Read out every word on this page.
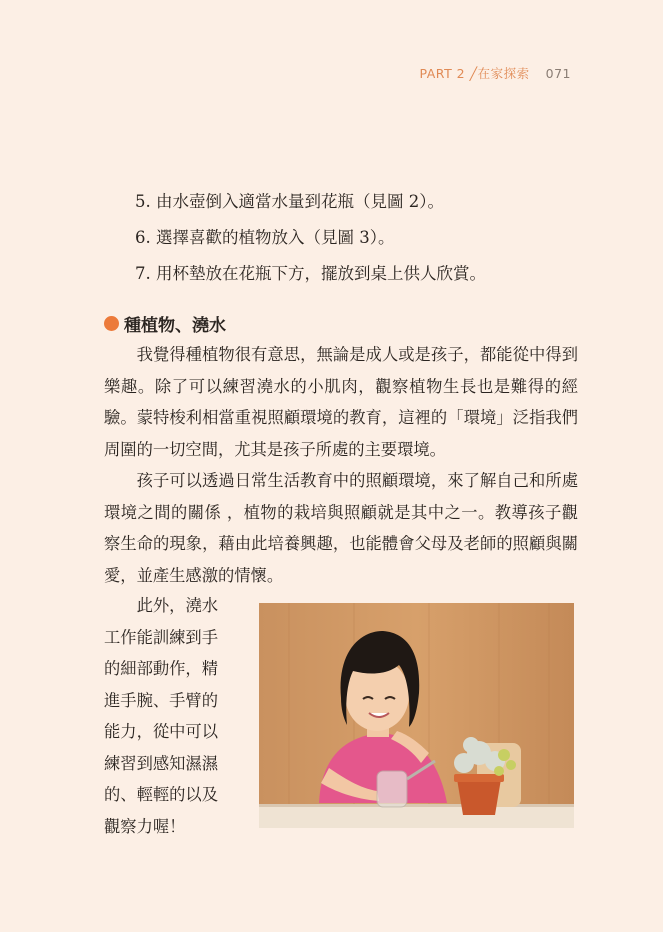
PART 2 ╱在家探索 071
5. 由水壺倒入適當水量到花瓶（見圖 2）。
6. 選擇喜歡的植物放入（見圖 3）。
7. 用杯墊放在花瓶下方，擺放到桌上供人欣賞。
種植物、澆水

我覺得種植物很有意思，無論是成人或是孩子，都能從中得到樂趣。除了可以練習澆水的小肌肉，觀察植物生長也是難得的經驗。蒙特梭利相當重視照顧環境的教育，這裡的「環境」泛指我們周圍的一切空間，尤其是孩子所處的主要環境。

孩子可以透過日常生活教育中的照顧環境，來了解自己和所處環境之間的關係 ，植物的栽培與照顧就是其中之一。教導孩子觀察生命的現象，藉由此培養興趣，也能體會父母及老師的照顧與關愛，並產生感激的情懷。

此外，澆水工作能訓練到手的細部動作，精進手腕、手臂的能力，從中可以練習到感知濕濕的、輕輕的以及觀察力喔！
